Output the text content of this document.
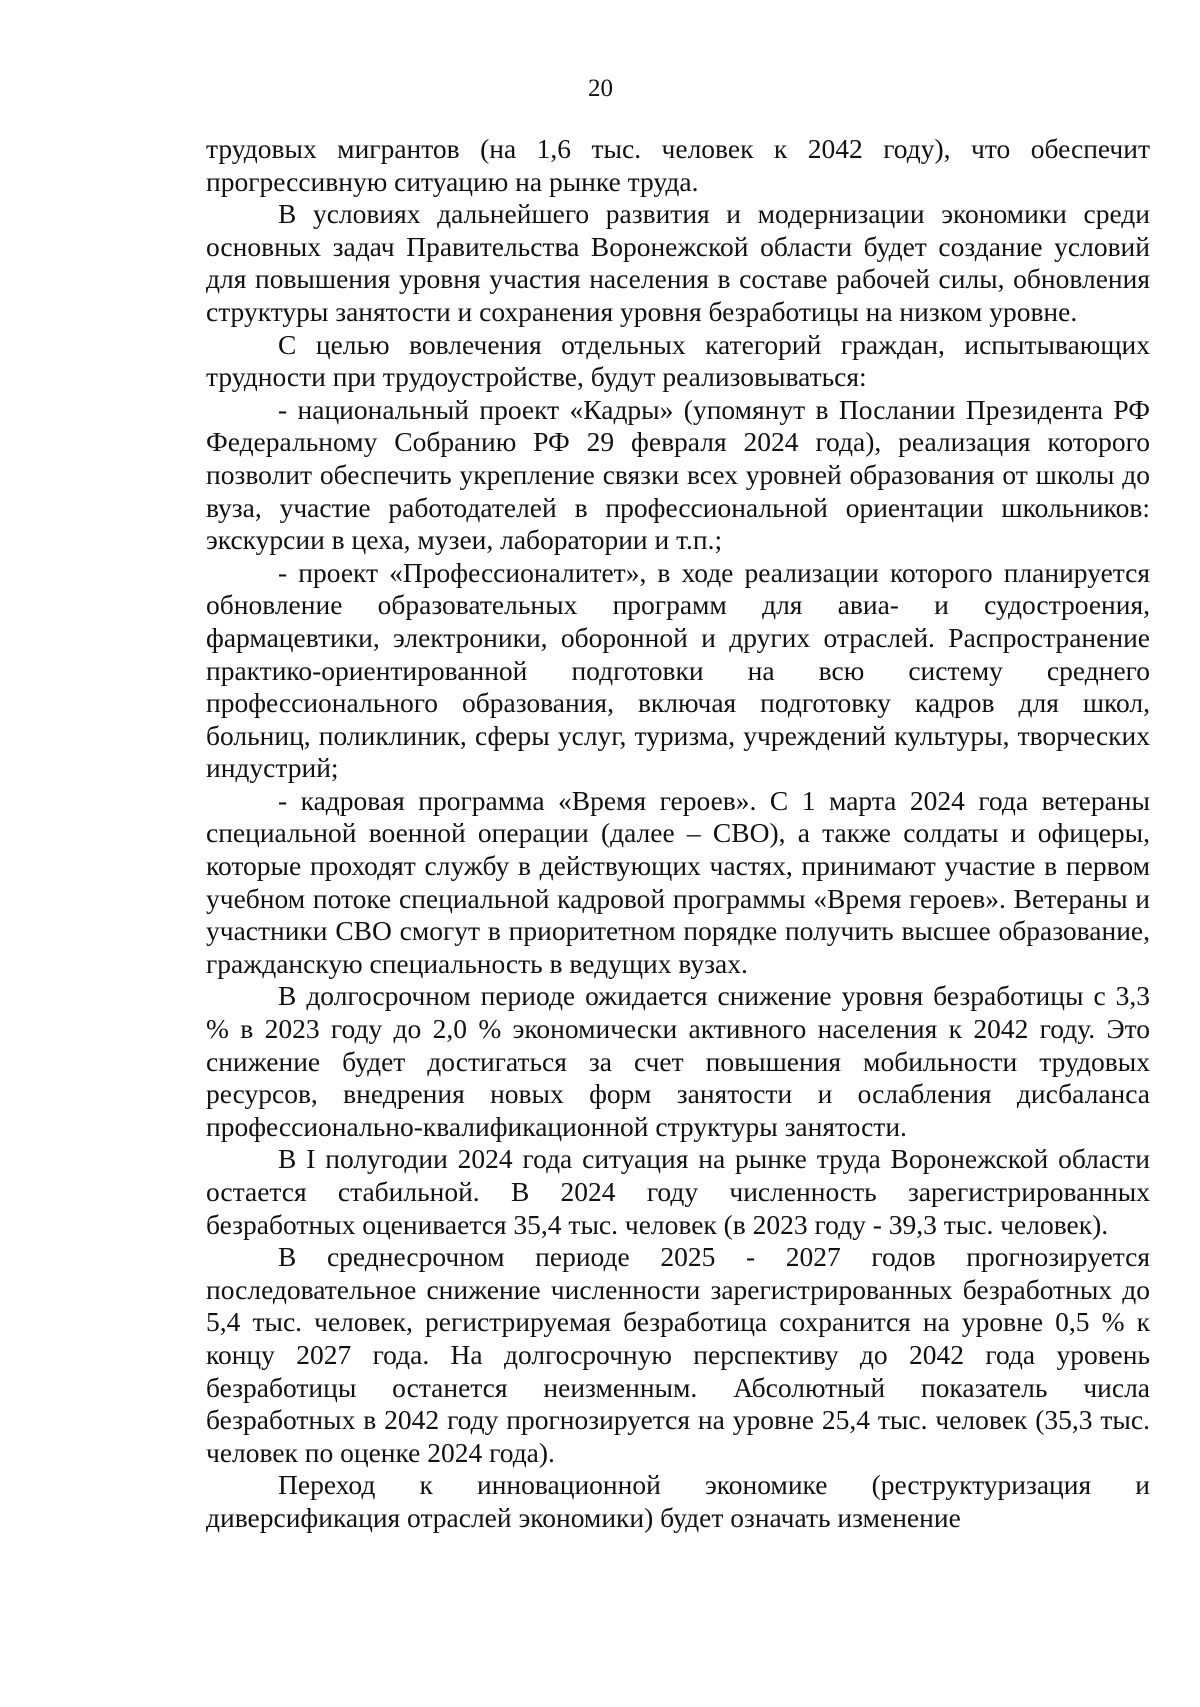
20

трудовых мигрантов (на 1,6 тыс. человек к 2042 году), что обеспечит прогрессивную ситуацию на рынке труда.

В условиях дальнейшего развития и модернизации экономики среди основных задач Правительства Воронежской области будет создание условий для повышения уровня участия населения в составе рабочей силы, обновления структуры занятости и сохранения уровня безработицы на низком уровне.

С целью вовлечения отдельных категорий граждан, испытывающих трудности при трудоустройстве, будут реализовываться:

- национальный проект «Кадры» (упомянут в Послании Президента РФ Федеральному Собранию РФ 29 февраля 2024 года), реализация которого позволит обеспечить укрепление связки всех уровней образования от школы до вуза, участие работодателей в профессиональной ориентации школьников: экскурсии в цеха, музеи, лаборатории и т.п.;

- проект «Профессионалитет», в ходе реализации которого планируется обновление образовательных программ для авиа- и судостроения, фармацевтики, электроники, оборонной и других отраслей. Распространение практико-ориентированной подготовки на всю систему среднего профессионального образования, включая подготовку кадров для школ, больниц, поликлиник, сферы услуг, туризма, учреждений культуры, творческих индустрий;

- кадровая программа «Время героев». С 1 марта 2024 года ветераны специальной военной операции (далее – СВО), а также солдаты и офицеры, которые проходят службу в действующих частях, принимают участие в первом учебном потоке специальной кадровой программы «Время героев». Ветераны и участники СВО смогут в приоритетном порядке получить высшее образование, гражданскую специальность в ведущих вузах.

В долгосрочном периоде ожидается снижение уровня безработицы с 3,3 % в 2023 году до 2,0 % экономически активного населения к 2042 году. Это снижение будет достигаться за счет повышения мобильности трудовых ресурсов, внедрения новых форм занятости и ослабления дисбаланса профессионально-квалификационной структуры занятости.

В I полугодии 2024 года ситуация на рынке труда Воронежской области остается стабильной. В 2024 году численность зарегистрированных безработных оценивается 35,4 тыс. человек (в 2023 году - 39,3 тыс. человек).

В среднесрочном периоде 2025 - 2027 годов прогнозируется последовательное снижение численности зарегистрированных безработных до 5,4 тыс. человек, регистрируемая безработица сохранится на уровне 0,5 % к концу 2027 года. На долгосрочную перспективу до 2042 года уровень безработицы останется неизменным. Абсолютный показатель числа безработных в 2042 году прогнозируется на уровне 25,4 тыс. человек (35,3 тыс. человек по оценке 2024 года).

Переход к инновационной экономике (реструктуризация и диверсификация отраслей экономики) будет означать изменение
